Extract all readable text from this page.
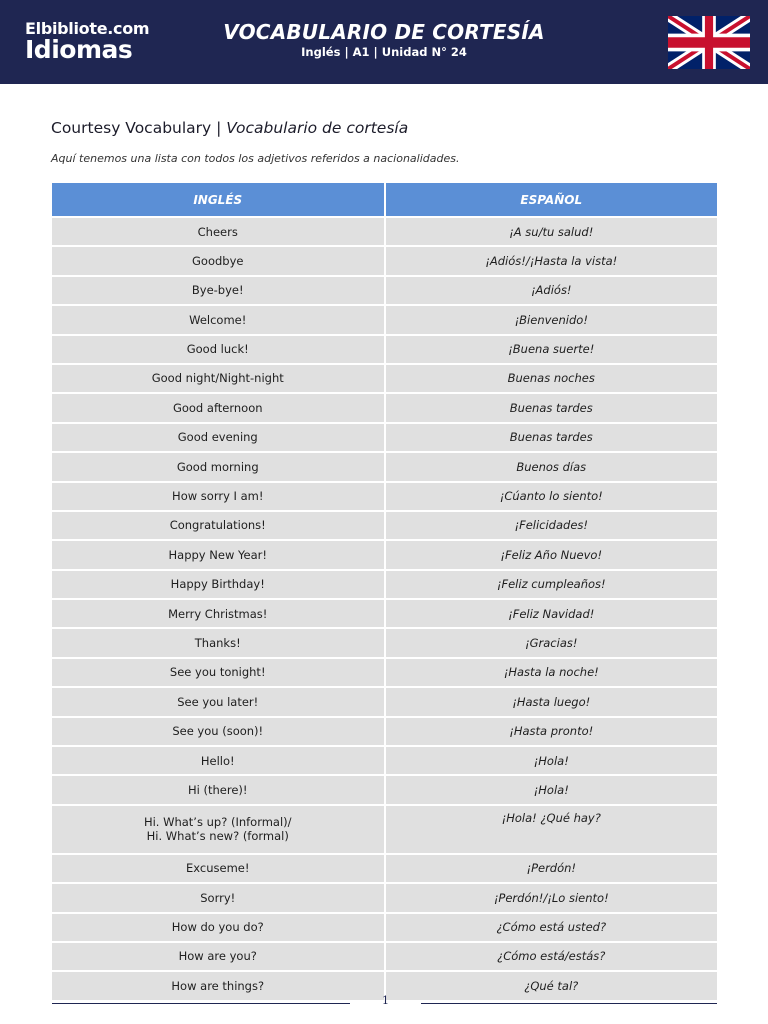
Elbibliote.com
Idiomas
VOCABULARIO DE CORTESÍA
Inglés | A1 | Unidad N° 24
Courtesy Vocabulary | Vocabulario de cortesía
Aquí tenemos una lista con todos los adjetivos referidos a nacionalidades.
INGLÉS	ESPAÑOL
Cheers	¡A su/tu salud!
Goodbye	¡Adiós!/¡Hasta la vista!
Bye-bye!	¡Adiós!
Welcome!	¡Bienvenido!
Good luck!	¡Buena suerte!
Good night/Night-night	Buenas noches
Good afternoon	Buenas tardes
Good evening	Buenas tardes
Good morning	Buenos días
How sorry I am!	¡Cúanto lo siento!
Congratulations!	¡Felicidades!
Happy New Year!	¡Feliz Año Nuevo!
Happy Birthday!	¡Feliz cumpleaños!
Merry Christmas!	¡Feliz Navidad!
Thanks!	¡Gracias!
See you tonight!	¡Hasta la noche!
See you later!	¡Hasta luego!
See you (soon)!	¡Hasta pronto!
Hello!	¡Hola!
Hi (there)!	¡Hola!
Hi. What’s up? (Informal)/
Hi. What’s new? (formal)	¡Hola! ¿Qué hay?
Excuseme!	¡Perdón!
Sorry!	¡Perdón!/¡Lo siento!
How do you do?	¿Cómo está usted?
How are you?	¿Cómo está/estás?
How are things?	¿Qué tal?
1
